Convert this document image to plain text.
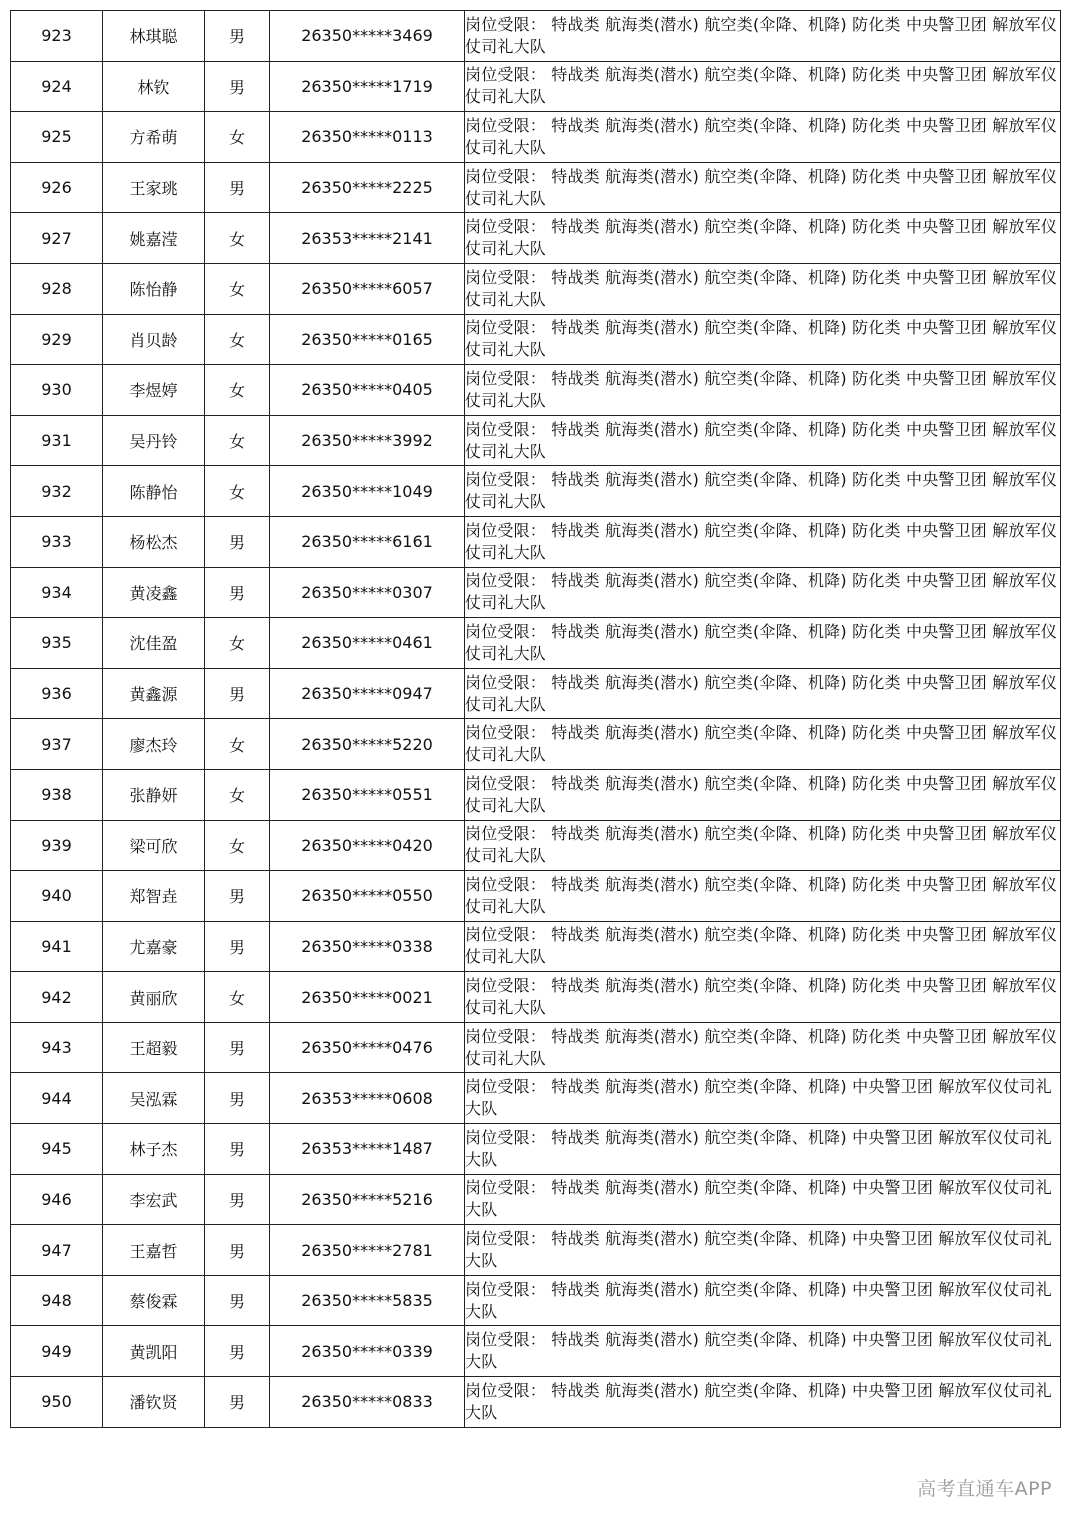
923	林琪聪	男	26350*****3469	岗位受限： 特战类 航海类(潜水) 航空类(伞降、机降) 防化类 中央警卫团 解放军仪仗司礼大队
924	林钦	男	26350*****1719	岗位受限： 特战类 航海类(潜水) 航空类(伞降、机降) 防化类 中央警卫团 解放军仪仗司礼大队
925	方希萌	女	26350*****0113	岗位受限： 特战类 航海类(潜水) 航空类(伞降、机降) 防化类 中央警卫团 解放军仪仗司礼大队
926	王家珧	男	26350*****2225	岗位受限： 特战类 航海类(潜水) 航空类(伞降、机降) 防化类 中央警卫团 解放军仪仗司礼大队
927	姚嘉滢	女	26353*****2141	岗位受限： 特战类 航海类(潜水) 航空类(伞降、机降) 防化类 中央警卫团 解放军仪仗司礼大队
928	陈怡静	女	26350*****6057	岗位受限： 特战类 航海类(潜水) 航空类(伞降、机降) 防化类 中央警卫团 解放军仪仗司礼大队
929	肖贝龄	女	26350*****0165	岗位受限： 特战类 航海类(潜水) 航空类(伞降、机降) 防化类 中央警卫团 解放军仪仗司礼大队
930	李煜婷	女	26350*****0405	岗位受限： 特战类 航海类(潜水) 航空类(伞降、机降) 防化类 中央警卫团 解放军仪仗司礼大队
931	吴丹铃	女	26350*****3992	岗位受限： 特战类 航海类(潜水) 航空类(伞降、机降) 防化类 中央警卫团 解放军仪仗司礼大队
932	陈静怡	女	26350*****1049	岗位受限： 特战类 航海类(潜水) 航空类(伞降、机降) 防化类 中央警卫团 解放军仪仗司礼大队
933	杨松杰	男	26350*****6161	岗位受限： 特战类 航海类(潜水) 航空类(伞降、机降) 防化类 中央警卫团 解放军仪仗司礼大队
934	黄凌鑫	男	26350*****0307	岗位受限： 特战类 航海类(潜水) 航空类(伞降、机降) 防化类 中央警卫团 解放军仪仗司礼大队
935	沈佳盈	女	26350*****0461	岗位受限： 特战类 航海类(潜水) 航空类(伞降、机降) 防化类 中央警卫团 解放军仪仗司礼大队
936	黄鑫源	男	26350*****0947	岗位受限： 特战类 航海类(潜水) 航空类(伞降、机降) 防化类 中央警卫团 解放军仪仗司礼大队
937	廖杰玲	女	26350*****5220	岗位受限： 特战类 航海类(潜水) 航空类(伞降、机降) 防化类 中央警卫团 解放军仪仗司礼大队
938	张静妍	女	26350*****0551	岗位受限： 特战类 航海类(潜水) 航空类(伞降、机降) 防化类 中央警卫团 解放军仪仗司礼大队
939	梁可欣	女	26350*****0420	岗位受限： 特战类 航海类(潜水) 航空类(伞降、机降) 防化类 中央警卫团 解放军仪仗司礼大队
940	郑智垚	男	26350*****0550	岗位受限： 特战类 航海类(潜水) 航空类(伞降、机降) 防化类 中央警卫团 解放军仪仗司礼大队
941	尤嘉豪	男	26350*****0338	岗位受限： 特战类 航海类(潜水) 航空类(伞降、机降) 防化类 中央警卫团 解放军仪仗司礼大队
942	黄丽欣	女	26350*****0021	岗位受限： 特战类 航海类(潜水) 航空类(伞降、机降) 防化类 中央警卫团 解放军仪仗司礼大队
943	王超毅	男	26350*****0476	岗位受限： 特战类 航海类(潜水) 航空类(伞降、机降) 防化类 中央警卫团 解放军仪仗司礼大队
944	吴泓霖	男	26353*****0608	岗位受限： 特战类 航海类(潜水) 航空类(伞降、机降) 中央警卫团 解放军仪仗司礼大队
945	林子杰	男	26353*****1487	岗位受限： 特战类 航海类(潜水) 航空类(伞降、机降) 中央警卫团 解放军仪仗司礼大队
946	李宏武	男	26350*****5216	岗位受限： 特战类 航海类(潜水) 航空类(伞降、机降) 中央警卫团 解放军仪仗司礼大队
947	王嘉哲	男	26350*****2781	岗位受限： 特战类 航海类(潜水) 航空类(伞降、机降) 中央警卫团 解放军仪仗司礼大队
948	蔡俊霖	男	26350*****5835	岗位受限： 特战类 航海类(潜水) 航空类(伞降、机降) 中央警卫团 解放军仪仗司礼大队
949	黄凯阳	男	26350*****0339	岗位受限： 特战类 航海类(潜水) 航空类(伞降、机降) 中央警卫团 解放军仪仗司礼大队
950	潘钦贤	男	26350*****0833	岗位受限： 特战类 航海类(潜水) 航空类(伞降、机降) 中央警卫团 解放军仪仗司礼大队
高考直通车APP
